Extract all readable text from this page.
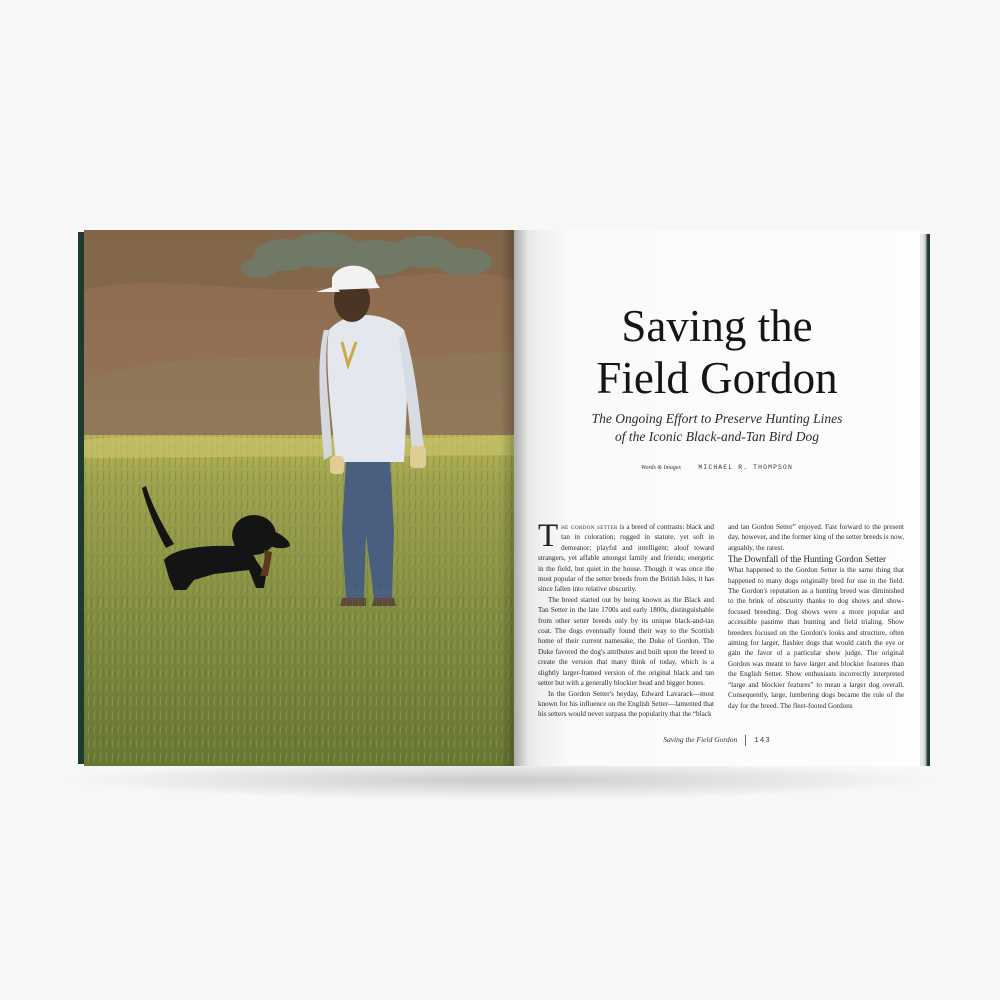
Saving the
Field Gordon
The Ongoing Effort to Preserve Hunting Lines
of the Iconic Black-and-Tan Bird Dog
Words & Images	MICHAEL R. THOMPSON

The gordon setter is a breed of contrasts: black and tan in coloration; rugged in stature, yet soft in demeanor; playful and intelligent; aloof toward strangers, yet affable amongst family and friends; energetic in the field, but quiet in the house. Though it was once the most popular of the setter breeds from the British Isles, it has since fallen into relative obscurity.

The breed started out by being known as the Black and Tan Setter in the late 1700s and early 1800s, distinguishable from other setter breeds only by its unique black-and-tan coat. The dogs eventually found their way to the Scottish home of their current namesake, the Duke of Gordon. The Duke favored the dog's attributes and built upon the breed to create the version that many think of today, which is a slightly larger-framed version of the original black and tan setter but with a generally blockier head and bigger bones.

In the Gordon Setter's heyday, Edward Lavarack—most known for his influence on the English Setter—lamented that his setters would never surpass the popularity that the “black

and tan Gordon Setter” enjoyed. Fast forward to the present day, however, and the former king of the setter breeds is now, arguably, the rarest.

The Downfall of the Hunting Gordon Setter

What happened to the Gordon Setter is the same thing that happened to many dogs originally bred for use in the field. The Gordon's reputation as a hunting breed was diminished to the brink of obscurity thanks to dog shows and show-focused breeding. Dog shows were a more popular and accessible pastime than hunting and field trialing. Show breeders focused on the Gordon's looks and structure, often aiming for larger, flashier dogs that would catch the eye or gain the favor of a particular show judge. The original Gordon was meant to have larger and blockier features than the English Setter. Show enthusiasts incorrectly interpreted “large and blockier features” to mean a larger dog overall. Consequently, large, lumbering dogs became the rule of the day for the breed. The fleet-footed Gordons

Saving the Field Gordon 143
